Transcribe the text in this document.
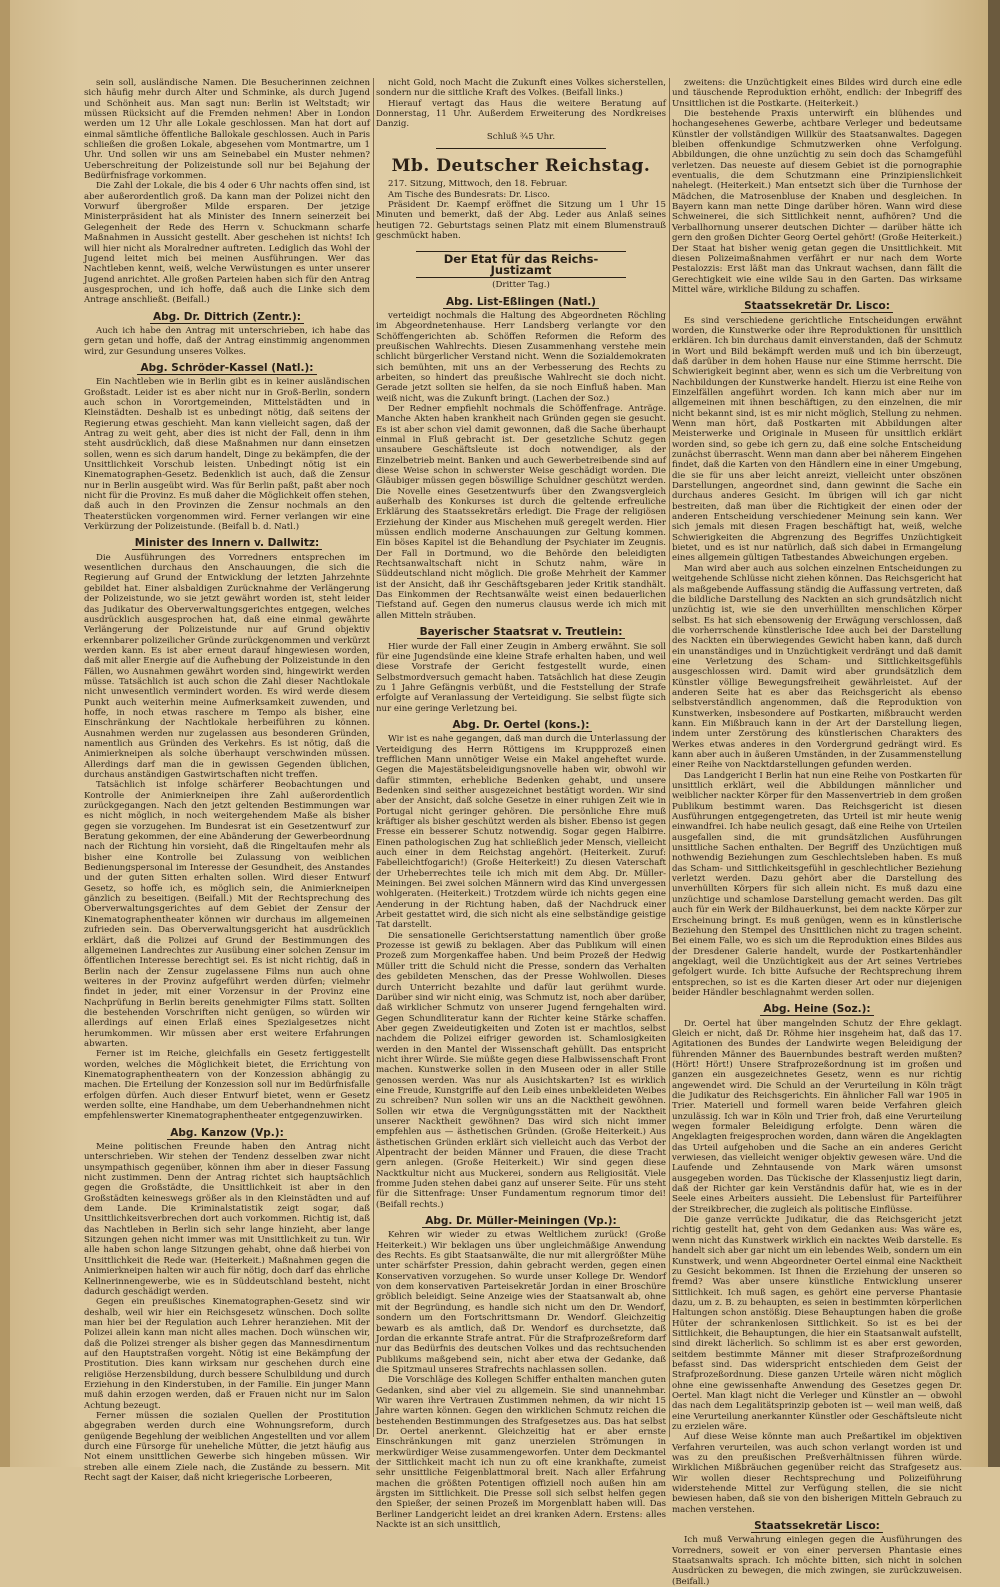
sein soll, ausländische Namen. Die Besucherinnen zeichnen sich häufig mehr durch Alter und Schminke, als durch Jugend und Schönheit aus. Man sagt nun: Berlin ist Weltstadt; wir müssen Rücksicht auf die Fremden nehmen! Aber in London werden um 12 Uhr alle Lokale geschlossen. Man hat dort auf einmal sämtliche öffentliche Ballokale geschlossen. Auch in Paris schließen die großen Lokale, abgesehen vom Montmartre, um 1 Uhr. Und sollen wir uns am Seinebabel ein Muster nehmen? Ueberschreitung der Polizeistunde soll nur bei Bejahung der Bedürfnisfrage vorkommen.

Die Zahl der Lokale, die bis 4 oder 6 Uhr nachts offen sind, ist aber außerordentlich groß. Da kann man der Polizei nicht den Vorwurf übergroßer Milde ersparen. Der jetzige Ministerpräsident hat als Minister des Innern seinerzeit bei Gelegenheit der Rede des Herrn v. Schuckmann scharfe Maßnahmen in Aussicht gestellt. Aber geschehen ist nichts! Ich will hier nicht als Moralredner auftreten. Lediglich das Wohl der Jugend leitet mich bei meinen Ausführungen. Wer das Nachtleben kennt, weiß, welche Verwüstungen es unter unserer Jugend anrichtet. Alle großen Parteien haben sich für den Antrag ausgesprochen, und ich hoffe, daß auch die Linke sich dem Antrage anschließt. (Beifall.)

Abg. Dr. Dittrich (Zentr.):

Auch ich habe den Antrag mit unterschrieben, ich habe das gern getan und hoffe, daß der Antrag einstimmig angenommen wird, zur Gesundung unseres Volkes.

Abg. Schröder-Kassel (Natl.):

Ein Nachtleben wie in Berlin gibt es in keiner ausländischen Großstadt. Leider ist es aber nicht nur in Groß-Berlin, sondern auch schon in Vorortgemeinden, Mittelstädten und in Kleinstädten. Deshalb ist es unbedingt nötig, daß seitens der Regierung etwas geschieht. Man kann vielleicht sagen, daß der Antrag zu weit geht, aber dies ist nicht der Fall, denn in ihm steht ausdrücklich, daß diese Maßnahmen nur dann einsetzen sollen, wenn es sich darum handelt, Dinge zu bekämpfen, die der Unsittlichkeit Vorschub leisten. Unbedingt nötig ist ein Kinematographen-Gesetz. Bedenklich ist auch, daß die Zensur nur in Berlin ausgeübt wird. Was für Berlin paßt, paßt aber noch nicht für die Provinz. Es muß daher die Möglichkeit offen stehen, daß auch in den Provinzen die Zensur nochmals an den Theaterstücken vorgenommen wird. Ferner verlangen wir eine Verkürzung der Polizeistunde. (Beifall b. d. Natl.)

Minister des Innern v. Dallwitz:

Die Ausführungen des Vorredners entsprechen im wesentlichen durchaus den Anschauungen, die sich die Regierung auf Grund der Entwicklung der letzten Jahrzehnte gebildet hat. Einer alsbaldigen Zurücknahme der Verlängerung der Polizeistunde, wo sie jetzt gewährt worden ist, steht leider das Judikatur des Oberverwaltungsgerichtes entgegen, welches ausdrücklich ausgesprochen hat, daß eine einmal gewährte Verlängerung der Polizeistunde nur auf Grund objektiv erkennbarer polizeilicher Gründe zurückgenommen und verkürzt werden kann. Es ist aber erneut darauf hingewiesen worden, daß mit aller Energie auf die Aufhebung der Polizeistunde in den Fällen, wo Ausnahmen gewährt worden sind, hingewirkt werden müsse. Tatsächlich ist auch schon die Zahl dieser Nachtlokale nicht unwesentlich vermindert worden. Es wird werde diesem Punkt auch weiterhin meine Aufmerksamkeit zuwenden, und hoffe, in noch etwas raschere m Tempo als bisher, eine Einschränkung der Nachtlokale herbeiführen zu können. Ausnahmen werden nur zugelassen aus besonderen Gründen, namentlich aus Gründen des Verkehrs. Es ist nötig, daß die Animierkneipen als solche überhaupt verschwinden müssen. Allerdings darf man die in gewissen Gegenden üblichen, durchaus anständigen Gastwirtschaften nicht treffen.

Tatsächlich ist infolge schärferer Beobachtungen und Kontrolle der Animierkneipen ihre Zahl außerordentlich zurückgegangen. Nach den jetzt geltenden Bestimmungen war es nicht möglich, in noch weitergehendem Maße als bisher gegen sie vorzugehen. Im Bundesrat ist ein Gesetzentwurf zur Beratung gekommen, der eine Abänderung der Gewerbeordnung nach der Richtung hin vorsieht, daß die Ringeltaufen mehr als bisher eine Kontrolle bei Zulassung von weiblichen Bedienungspersonal im Interesse der Gesundheit, des Anstandes und der guten Sitten erhalten sollen. Wird dieser Entwurf Gesetz, so hoffe ich, es möglich sein, die Animierkneipen gänzlich zu beseitigen. (Beifall.) Mit der Rechtsprechung des Oberverwaltungsgerichtes auf dem Gebiet der Zensur der Kinematographentheater können wir durchaus im allgemeinen zufrieden sein. Das Oberverwaltungsgericht hat ausdrücklich erklärt, daß die Polizei auf Grund der Bestimmungen des allgemeinen Landrechtes zur Ausübung einer solchen Zensur im öffentlichen Interesse berechtigt sei. Es ist nicht richtig, daß in Berlin nach der Zensur zugelassene Films nun auch ohne weiteres in der Provinz aufgeführt werden dürfen; vielmehr findet in jeder, mit einer Vorzensur in der Provinz eine Nachprüfung in Berlin bereits genehmigter Films statt. Sollten die bestehenden Vorschriften nicht genügen, so würden wir allerdings auf einen Erlaß eines Spezialgesetzes nicht herumkommen. Wir müssen aber erst weitere Erfahrungen abwarten.

Ferner ist im Reiche, gleichfalls ein Gesetz fertiggestellt worden, welches die Möglichkeit bietet, die Errichtung von Kinematographentheatern von der Konzession abhängig zu machen. Die Erteilung der Konzession soll nur im Bedürfnisfalle erfolgen dürfen. Auch dieser Entwurf bietet, wenn er Gesetz werden sollte, eine Handhabe, um dem Ueberhandnehmen nicht empfehlenswerter Kinematographentheater entgegenzuwirken.

Abg. Kanzow (Vp.):

Meine politischen Freunde haben den Antrag nicht unterschrieben. Wir stehen der Tendenz desselben zwar nicht unsympathisch gegenüber, können ihm aber in dieser Fassung nicht zustimmen. Denn der Antrag richtet sich hauptsächlich gegen die Großstädte, die Unsittlichkeit ist aber in den Großstädten keineswegs größer als in den Kleinstädten und auf dem Lande. Die Kriminalstatistik zeigt sogar, daß Unsittlichkeitsverbrechen dort auch vorkommen. Richtig ist, daß das Nachtleben in Berlin sich sehr lange hinzieht, aber lange Sitzungen gehen nicht immer was mit Unsittlichkeit zu tun. Wir alle haben schon lange Sitzungen gehabt, ohne daß hierbei von Unsittlichkeit die Rede war. (Heiterkeit.) Maßnahmen gegen die Animierkneipen halten wir auch für nötig, doch darf das ehrliche Kellnerinnengewerbe, wie es in Süddeutschland besteht, nicht dadurch geschädigt werden.

Gegen ein preußisches Kinematographen-Gesetz sind wir deshalb, weil wir hier ein Reichsgesetz wünschen. Doch sollte man hier bei der Regulation auch Lehrer heranziehen. Mit der Polizei allein kann man nicht alles machen. Doch wünschen wir, daß die Polizei strenger als bisher gegen das Mannesdirnentum auf den Hauptstraßen vorgeht. Nötig ist eine Bekämpfung der Prostitution. Dies kann wirksam nur geschehen durch eine religiöse Herzensbildung, durch bessere Schulbildung und durch Erziehung in den Kinderstuben, in der Familie. Ein junger Mann muß dahin erzogen werden, daß er Frauen nicht nur im Salon Achtung bezeugt.

Ferner müssen die sozialen Quellen der Prostitution abgegraben werden durch eine Wohnungsreform, durch genügende Begehlung der weiblichen Angestellten und vor allem durch eine Fürsorge für uneheliche Mütter, die jetzt häufig aus Not einem unsittlichen Gewerbe sich hingeben müssen. Wir streben alle einem Ziele nach, die Zustände zu bessern. Mit Recht sagt der Kaiser, daß nicht kriegerische Lorbeeren,

nicht Gold, noch Macht die Zukunft eines Volkes sicherstellen, sondern nur die sittliche Kraft des Volkes. (Beifall links.)

Hierauf vertagt das Haus die weitere Beratung auf Donnerstag, 11 Uhr. Außerdem Erweiterung des Nordkreises Danzig.

Schluß ¾5 Uhr.
Mb. Deutscher Reichstag.

217. Sitzung, Mittwoch, den 18. Februar.

Am Tische des Bundesrats: Dr. Lisco.

Präsident Dr. Kaempf eröffnet die Sitzung um 1 Uhr 15 Minuten und bemerkt, daß der Abg. Leder aus Anlaß seines heutigen 72. Geburtstags seinen Platz mit einem Blumenstrauß geschmückt haben.

Der Etat für das Reichs-Justizamt
(Dritter Tag.)
Abg. List-Eßlingen (Natl.)

verteidigt nochmals die Haltung des Abgeordneten Röchling im Abgeordnetenhause. Herr Landsberg verlangte vor den Schöffengerichten ab. Schöffen Reformen die Reform des preußischen Wahlrechts. Diesen Zusammenhang verstehe mein schlicht bürgerlicher Verstand nicht. Wenn die Sozialdemokraten sich bemühten, mit uns an der Verbesserung des Rechts zu arbeiten, so hindert das preußische Wahlrecht sie doch nicht. Gerade jetzt sollten sie helfen, da sie noch Einfluß haben. Man weiß nicht, was die Zukunft bringt. (Lachen der Soz.)

Der Redner empfiehlt nochmals die Schöffenfrage. Anträge. Manche Akten haben krankheit nach Gründen gegen sie gesucht. Es ist aber schon viel damit gewonnen, daß die Sache überhaupt einmal in Fluß gebracht ist. Der gesetzliche Schutz gegen unsaubere Geschäftsleute ist doch notwendiger, als der Einzelbetrieb meint. Banken und auch Gewerbetreibende sind auf diese Weise schon in schwerster Weise geschädigt worden. Die Gläubiger müssen gegen böswillige Schuldner geschützt werden. Die Novelle eines Gesetzentwurfs über den Zwangsvergleich außerhalb des Konkurses ist durch die geltende erfreuliche Erklärung des Staatssekretärs erledigt. Die Frage der religiösen Erziehung der Kinder aus Mischehen muß geregelt werden. Hier müssen endlich moderne Anschauungen zur Geltung kommen. Ein böses Kapitel ist die Behandlung der Psychiater im Zeugnis. Der Fall in Dortmund, wo die Behörde den beleidigten Rechtsanwaltschaft nicht in Schutz nahm, wäre in Süddeutschland nicht möglich. Die große Mehrheit der Kammer ist der Ansicht, daß ihr Geschäftsgebaren jeder Kritik standhält. Das Einkommen der Rechtsanwälte weist einen bedauerlichen Tiefstand auf. Gegen den numerus clausus werde ich mich mit allen Mitteln sträuben.

Bayerischer Staatsrat v. Treutlein:

Hier wurde der Fall einer Zeugin in Amberg erwähnt. Sie soll für eine Jugendsünde eine kleine Strafe erhalten haben, und weil diese Vorstrafe der Gericht festgestellt wurde, einen Selbstmordversuch gemacht haben. Tatsächlich hat diese Zeugin zu 1 Jahre Gefängnis verbüßt, und die Feststellung der Strafe erfolgte auf Veranlassung der Verteidigung. Sie selbst fügte sich nur eine geringe Verletzung bei.

Abg. Dr. Oertel (kons.):

Wir ist es nahe gegangen, daß man durch die Unterlassung der Verteidigung des Herrn Röttigens im Kruppprozeß einen trefflichen Mann unnötiger Weise ein Makel angeheftet wurde. Gegen die Majestätsbeleidigungsnovelle haben wir, obwohl wir dafür stimmten, erhebliche Bedenken gehabt, und unsere Bedenken sind seither ausgezeichnet bestätigt worden. Wir sind aber der Ansicht, daß solche Gesetze in einer ruhigen Zeit wie in Portugal nicht geringer gehören. Die persönliche Ehre muß kräftiger als bisher geschützt werden als bisher. Ebenso ist gegen Fresse ein besserer Schutz notwendig. Sogar gegen Halbirre. Einen pathologischen Zug hat schließlich jeder Mensch, vielleicht auch einer in dem Reichstag angehört. (Heiterkeit. Zuruf: Fabelleichtfogarich!) (Große Heiterkeit!) Zu diesen Vaterschaft der Urheberrechtes teile ich mich mit dem Abg. Dr. Müller-Meiningen. Bei zwei solchen Männern wird das Kind unvergessen wohlgeraten. (Heiterkeit.) Trotzdem würde ich nichts gegen eine Aenderung in der Richtung haben, daß der Nachdruck einer Arbeit gestattet wird, die sich nicht als eine selbständige geistige Tat darstellt.

Die sensationelle Gerichtserstattung namentlich über große Prozesse ist gewiß zu beklagen. Aber das Publikum will einen Prozeß zum Morgenkaffee haben. Und beim Prozeß der Hedwig Müller tritt die Schuld nicht die Presse, sondern das Verhalten des gebildeten Menschen, das der Presse Wohlwollen. Dieses durch Unterricht bezahlte und dafür laut gerühmt wurde. Darüber sind wir nicht einig, was Schmutz ist, noch aber darüber, daß wirklicher Schmutz von unserer Jugend ferngehalten wird. Gegen Schundliteratur kann der Richter keine Stärke schaffen. Aber gegen Zweideutigkeiten und Zoten ist er machtlos, selbst nachdem die Polizei eifriger geworden ist. Schamlosigkeiten werden in den Mantel der Wissenschaft gehüllt. Das entspricht nicht ihrer Würde. Sie müßte gegen diese Halbwissenschaft Front machen. Kunstwerke sollen in den Museen oder in aller Stille genossen werden. Was nur als Ausichtskarten? Ist es wirklich eine Freude, Kunstgriffe auf den Leib eines unbekleideten Weibes zu schreiben? Nun sollen wir uns an die Nacktheit gewöhnen. Sollen wir etwa die Vergnügungsstätten mit der Nacktheit unserer Nacktheit gewöhnen? Das wird sich nicht immer empfehlen aus — ästhetischen Gründen. (Große Heiterkeit.) Aus ästhetischen Gründen erklärt sich vielleicht auch das Verbot der Alpentracht der beiden Männer und Frauen, die diese Tracht gern anlegen. (Große Heiterkeit.) Wir sind gegen diese Nacktkultur nicht aus Muckerei, sondern aus Religiosität. Viele fromme Juden stehen dabei ganz auf unserer Seite. Für uns steht für die Sittenfrage: Unser Fundamentum regnorum timor dei! (Beifall rechts.)

Abg. Dr. Müller-Meiningen (Vp.):

Kehren wir wieder zu etwas Weltlichem zurück! (Große Heiterkeit.) Wir beklagen uns über ungleichmäßige Anwendung des Rechts. Es gibt Staatsanwälte, die nur mit allergrößter Mühe unter schärfster Pression, dahin gebracht werden, gegen einen Konservativen vorzugehen. So wurde unser Kollege Dr. Wendorf von dem konservativen Parteisekretär Jordan in einer Broschüre gröblich beleidigt. Seine Anzeige wies der Staatsanwalt ab, ohne mit der Begründung, es handle sich nicht um den Dr. Wendorf, sondern um den Fortschrittsmann Dr. Wendorf. Gleichzeitig bewarb es als amtlich, daß Dr. Wendorf es durchsetzte, daß Jordan die erkannte Strafe antrat. Für die Strafprozeßreform darf nur das Bedürfnis des deutschen Volkes und das rechtsuchenden Publikums maßgebend sein, nicht aber etwa der Gedanke, daß die Spitzmaul unseres Strafrechts nachlassen sollen.

Die Vorschläge des Kollegen Schiffer enthalten manchen guten Gedanken, sind aber viel zu allgemein. Sie sind unannehmbar. Wir waren ihre Vertrauen Zustimmen nehmen, da wir nicht 15 Jahre warten können. Gegen den wirklichen Schmutz reichen die bestehenden Bestimmungen des Strafgesetzes aus. Das hat selbst Dr. Oertel anerkennt. Gleichzeitig hat er aber ernste Einschränkungen mit ganz unerzielen Strömungen in merkwürdiger Weise zusammengeworfen. Unter dem Deckmantel der Sittlichkeit macht ich nun zu oft eine krankhafte, zumeist sehr unsittliche Feigenblattmoral breit. Nach aller Erfahrung machen die größten Potentigen offiziell noch außen hin am ärgsten im Sittlichkeit. Die Presse soll sich selbst helfen gegen den Spießer, der seinen Prozeß im Morgenblatt haben will. Das Berliner Landgericht leidet an drei kranken Adern. Erstens: alles Nackte ist an sich unsittlich,

zweitens: die Unzüchtigkeit eines Bildes wird durch eine edle und täuschende Reproduktion erhöht, endlich: der Inbegriff des Unsittlichen ist die Postkarte. (Heiterkeit.)

Die bestehende Praxis unterwirft ein blühendes und hochangesehenes Gewerbe, achtbare Verleger und bedeutsame Künstler der vollständigen Willkür des Staatsanwaltes. Dagegen bleiben offenkundige Schmutzwerken ohne Verfolgung. Abbildungen, die ohne unzüchtig zu sein doch das Schamgefühl verletzen. Das neueste auf diesem Gebiet ist die pornographie eventualis, die dem Schutzmann eine Prinzipienslichkeit nahelegt. (Heiterkeit.) Man entsetzt sich über die Turnhose der Mädchen, die Matrosenbluse der Knaben und desgleichen. In Bayern kann man nette Dinge darüber hören. Wann wird diese Schweinerei, die sich Sittlichkeit nennt, aufhören? Und die Verballhornung unserer deutschen Dichter — darüber hätte ich gern den großen Dichter Georg Oertel gehört! (Große Heiterkeit.) Der Staat hat bisher wenig getan gegen die Unsittlichkeit. Mit diesen Polizeimaßnahmen verfährt er nur nach dem Worte Pestalozzis: Erst läßt man das Unkraut wachsen, dann fällt die Gerechtigkeit wie eine wilde Sau in den Garten. Das wirksame Mittel wäre, wirkliche Bildung zu schaffen.

Staatssekretär Dr. Lisco:

Es sind verschiedene gerichtliche Entscheidungen erwähnt worden, die Kunstwerke oder ihre Reproduktionen für unsittlich erklären. Ich bin durchaus damit einverstanden, daß der Schmutz in Wort und Bild bekämpft werden muß und ich bin überzeugt, daß darüber in dem hohen Hause nur eine Stimme herrscht. Die Schwierigkeit beginnt aber, wenn es sich um die Verbreitung von Nachbildungen der Kunstwerke handelt. Hierzu ist eine Reihe von Einzelfällen angeführt worden. Ich kann mich aber nur im allgemeinen mit ihnen beschäftigen, zu den einzelnen, die mir nicht bekannt sind, ist es mir nicht möglich, Stellung zu nehmen. Wenn man hört, daß Postkarten mit Abbildungen alter Meisterwerke und Originale in Museen für unsittlich erklärt worden sind, so gebe ich gern zu, daß eine solche Entscheidung zunächst überrascht. Wenn man dann aber bei näherem Eingehen findet, daß die Karten von den Händlern eine in einer Umgebung, die sie für uns aber leicht anreizt, vielleicht unter obszönen Darstellungen, angeordnet sind, dann gewinnt die Sache ein durchaus anderes Gesicht. Im übrigen will ich gar nicht bestreiten, daß man über die Richtigkeit der einen oder der anderen Entscheidung verschiedener Meinung sein kann. Wer sich jemals mit diesen Fragen beschäftigt hat, weiß, welche Schwierigkeiten die Abgrenzung des Begriffes Unzüchtigkeit bietet, und es ist nur natürlich, daß sich dabei in Ermangelung eines allgemein gültigen Tatbestandes Abweichungen ergeben.

Man wird aber auch aus solchen einzelnen Entscheidungen zu weitgehende Schlüsse nicht ziehen können. Das Reichsgericht hat als maßgebende Auffassung ständig die Auffassung vertreten, daß die bildliche Darstellung des Nackten an sich grundsätzlich nicht unzüchtig ist, wie sie den unverhüllten menschlichen Körper selbst. Es hat sich ebensowenig der Erwägung verschlossen, daß die vorherrschende künstlerische Idee auch bei der Darstellung des Nackten ein überwiegendes Gewicht haben kann, daß durch ein unanständiges und in Unzüchtigkeit verdrängt und daß damit eine Verletzung des Scham- und Sittlichkeitsgefühls ausgeschlossen wird. Damit wird aber grundsätzlich dem Künstler völlige Bewegungsfreiheit gewährleistet. Auf der anderen Seite hat es aber das Reichsgericht als ebenso selbstverständlich angenommen, daß die Reproduktion von Kunstwerken, insbesondere auf Postkarten, mißbraucht werden kann. Ein Mißbrauch kann in der Art der Darstellung liegen, indem unter Zerstörung des künstlerischen Charakters des Werkes etwas anderes in den Vordergrund gedrängt wird. Es kann aber auch in äußeren Umständen, in der Zusammenstellung einer Reihe von Nacktdarstellungen gefunden werden.

Das Landgericht I Berlin hat nun eine Reihe von Postkarten für unsittlich erklärt, weil die Abbildungen männlicher und weiblicher nackter Körper für den Massenvertrieb in dem großen Publikum bestimmt waren. Das Reichsgericht ist diesen Ausführungen entgegengetreten, das Urteil ist mir heute wenig einwandfrei. Ich habe neulich gesagt, daß eine Reihe von Urteilen ausgefallen sind, die mit grundsätzlichen Ausführungen unsittliche Sachen enthalten. Der Begriff des Unzüchtigen muß nothwendig Beziehungen zum Geschlechtsleben haben. Es muß das Scham- und Sittlichkeitsgefühl in geschlechtlicher Beziehung verletzt werden. Dazu gehört aber die Darstellung des unverhüllten Körpers für sich allein nicht. Es muß dazu eine unzüchtige und schamlose Darstellung gemacht werden. Das gilt auch für ein Werk der Bildhauerkunst, bei dem nackte Körper zur Erscheinung bringt. Es muß genügen, wenn es in künstlerische Beziehung den Stempel des Unsittlichen nicht zu tragen scheint. Bei einem Falle, wo es sich um die Reproduktion eines Bildes aus der Dresdener Galerie handelt, wurde der Postkartenhändler angeklagt, weil die Unzüchtigkeit aus der Art seines Vertriebes gefolgert wurde. Ich bitte Aufsuche der Rechtsprechung ihrem entsprechen, so ist es die Karten dieser Art oder nur diejenigen beider Händler beschlagnahmt werden sollen.

Abg. Heine (Soz.):

Dr. Oertel hat über mangelnden Schutz der Ehre geklagt. Gleich er nicht, daß Dr. Röhme hier insgeheim hat, daß das 17. Agitationen des Bundes der Landwirte wegen Beleidigung der führenden Männer des Bauernbundes bestraft werden mußten? (Hört! Hört!) Unsere Strafprozeßordnung ist im großen und ganzen ein ausgezeichnetes Gesetz, wenn es nur richtig angewendet wird. Die Schuld an der Verurteilung in Köln trägt die Judikatur des Reichsgerichts. Ein ähnlicher Fall war 1905 in Trier. Materiell und formell waren beide Verfahren gleich unzulässig. Ich war in Köln und Trier froh, daß eine Verurteilung wegen formaler Beleidigung erfolgte. Denn wären die Angeklagten freigesprochen worden, dann wären die Angeklagten das Urteil aufgehoben und die Sache an ein anderes Gericht verwiesen, das vielleicht weniger objektiv gewesen wäre. Und die Laufende und Zehntausende von Mark wären umsonst ausgegeben worden. Das Tückische der Klassenjustiz liegt darin, daß der Richter gar kein Verständnis dafür hat, wie es in der Seele eines Arbeiters aussieht. Die Lebenslust für Parteiführer der Streikbrecher, die zugleich als politische Einflüsse.

Die ganze verrückte Judikatur, die das Reichsgericht jetzt richtig gestellt hat, geht von dem Gedanken aus: Was wäre es, wenn nicht das Kunstwerk wirklich ein nacktes Weib darstelle. Es handelt sich aber gar nicht um ein lebendes Weib, sondern um ein Kunstwerk, und wenn Abgeordneter Oertel einmal eine Nacktheit zu Gesicht bekommen. Ist Ihnen die Erziehung der unseren so fremd? Was aber unsere künstliche Entwicklung unserer Sittlichkeit. Ich muß sagen, es gehört eine perverse Phantasie dazu, um z. B. zu behaupten, es seien in bestimmten körperlichen Haltungen schon anstößig. Diese Behauptungen haben die große Hüter der schrankenlosen Sittlichkeit. So ist es bei der Sittlichkeit, die Behauptungen, die hier ein Staatsanwalt aufstellt, sind direkt lächerlich. So schlimm ist es aber erst geworden, seitdem bestimmte Männer mit dieser Strafprozeßordnung befasst sind. Das widerspricht entschieden dem Geist der Strafprozeßordnung. Diese ganzen Urteile wären nicht möglich ohne eine gewissenhafte Anwendung des Gesetzes gegen Dr. Oertel. Man klagt nicht die Verleger und Künstler an — obwohl das nach dem Legalitätsprinzip geboten ist — weil man weiß, daß eine Verurteilung anerkannter Künstler oder Geschäftsleute nicht zu erzielen wäre.

Auf diese Weise könnte man auch Preßartikel im objektiven Verfahren verurteilen, was auch schon verlangt worden ist und was zu den preußischen Preßverhältnissen führen würde. Wirklichen Mißbräuchen gegenüber reicht das Strafgesetz aus. Wir wollen dieser Rechtsprechung und Polizeiführung widerstehende Mittel zur Verfügung stellen, die sie nicht bewiesen haben, daß sie von den bisherigen Mitteln Gebrauch zu machen verstehen.

Staatssekretär Lisco:

Ich muß Verwahrung einlegen gegen die Ausführungen des Vorredners, soweit er von einer perversen Phantasie eines Staatsanwalts sprach. Ich möchte bitten, sich nicht in solchen Ausdrücken zu bewegen, die mich zwingen, sie zurückzuweisen. (Beifall.)
